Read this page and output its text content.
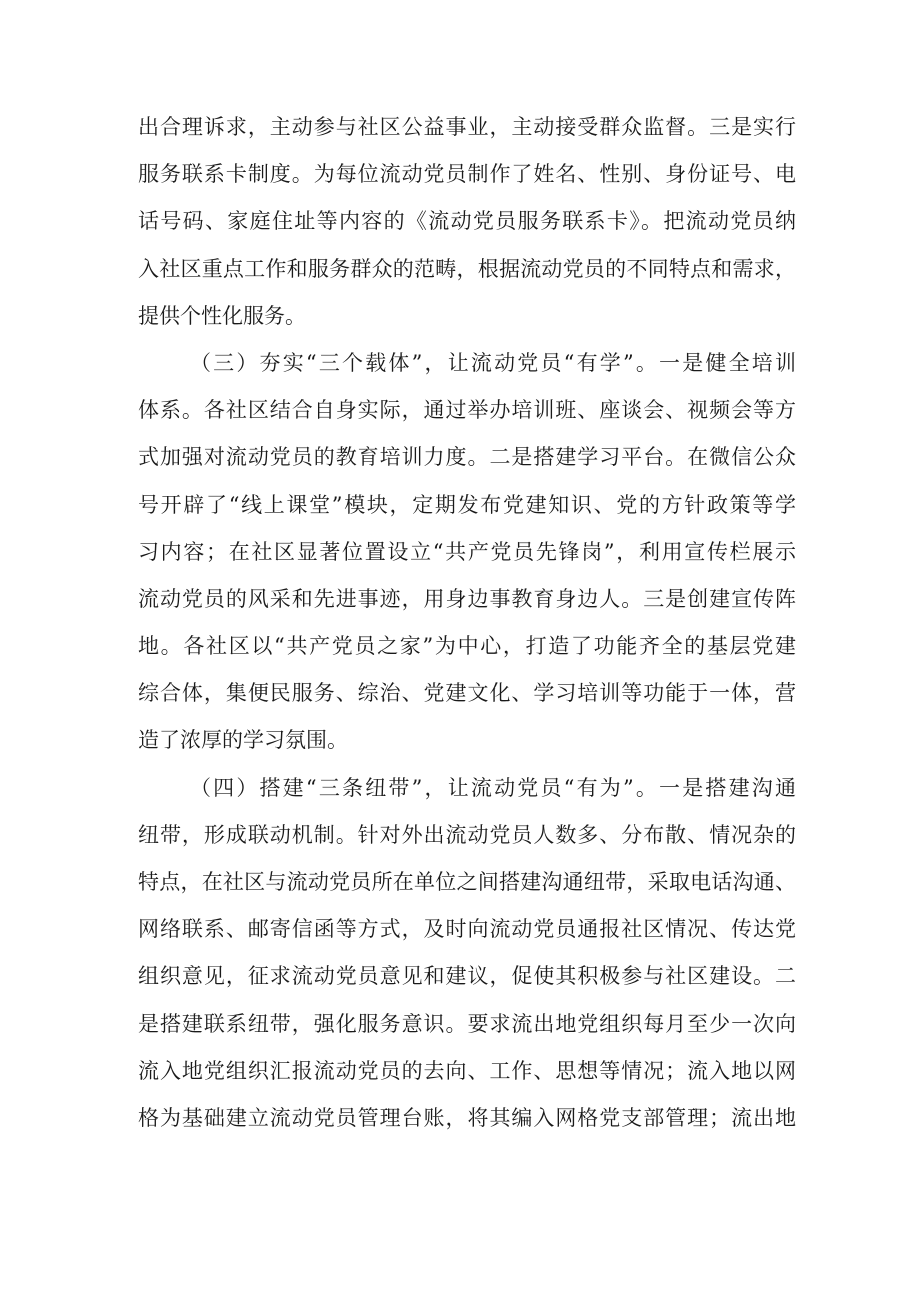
出合理诉求，主动参与社区公益事业，主动接受群众监督。三是实行
服务联系卡制度。为每位流动党员制作了姓名、性别、身份证号、电
话号码、家庭住址等内容的《流动党员服务联系卡》。把流动党员纳
入社区重点工作和服务群众的范畴，根据流动党员的不同特点和需求，
提供个性化服务。
（三）夯实“三个载体”，让流动党员“有学”。一是健全培训
体系。各社区结合自身实际，通过举办培训班、座谈会、视频会等方
式加强对流动党员的教育培训力度。二是搭建学习平台。在微信公众
号开辟了“线上课堂”模块，定期发布党建知识、党的方针政策等学
习内容；在社区显著位置设立“共产党员先锋岗”，利用宣传栏展示
流动党员的风采和先进事迹，用身边事教育身边人。三是创建宣传阵
地。各社区以“共产党员之家”为中心，打造了功能齐全的基层党建
综合体，集便民服务、综治、党建文化、学习培训等功能于一体，营
造了浓厚的学习氛围。
（四）搭建“三条纽带”，让流动党员“有为”。一是搭建沟通
纽带，形成联动机制。针对外出流动党员人数多、分布散、情况杂的
特点，在社区与流动党员所在单位之间搭建沟通纽带，采取电话沟通、
网络联系、邮寄信函等方式，及时向流动党员通报社区情况、传达党
组织意见，征求流动党员意见和建议，促使其积极参与社区建设。二
是搭建联系纽带，强化服务意识。要求流出地党组织每月至少一次向
流入地党组织汇报流动党员的去向、工作、思想等情况；流入地以网
格为基础建立流动党员管理台账，将其编入网格党支部管理；流出地
